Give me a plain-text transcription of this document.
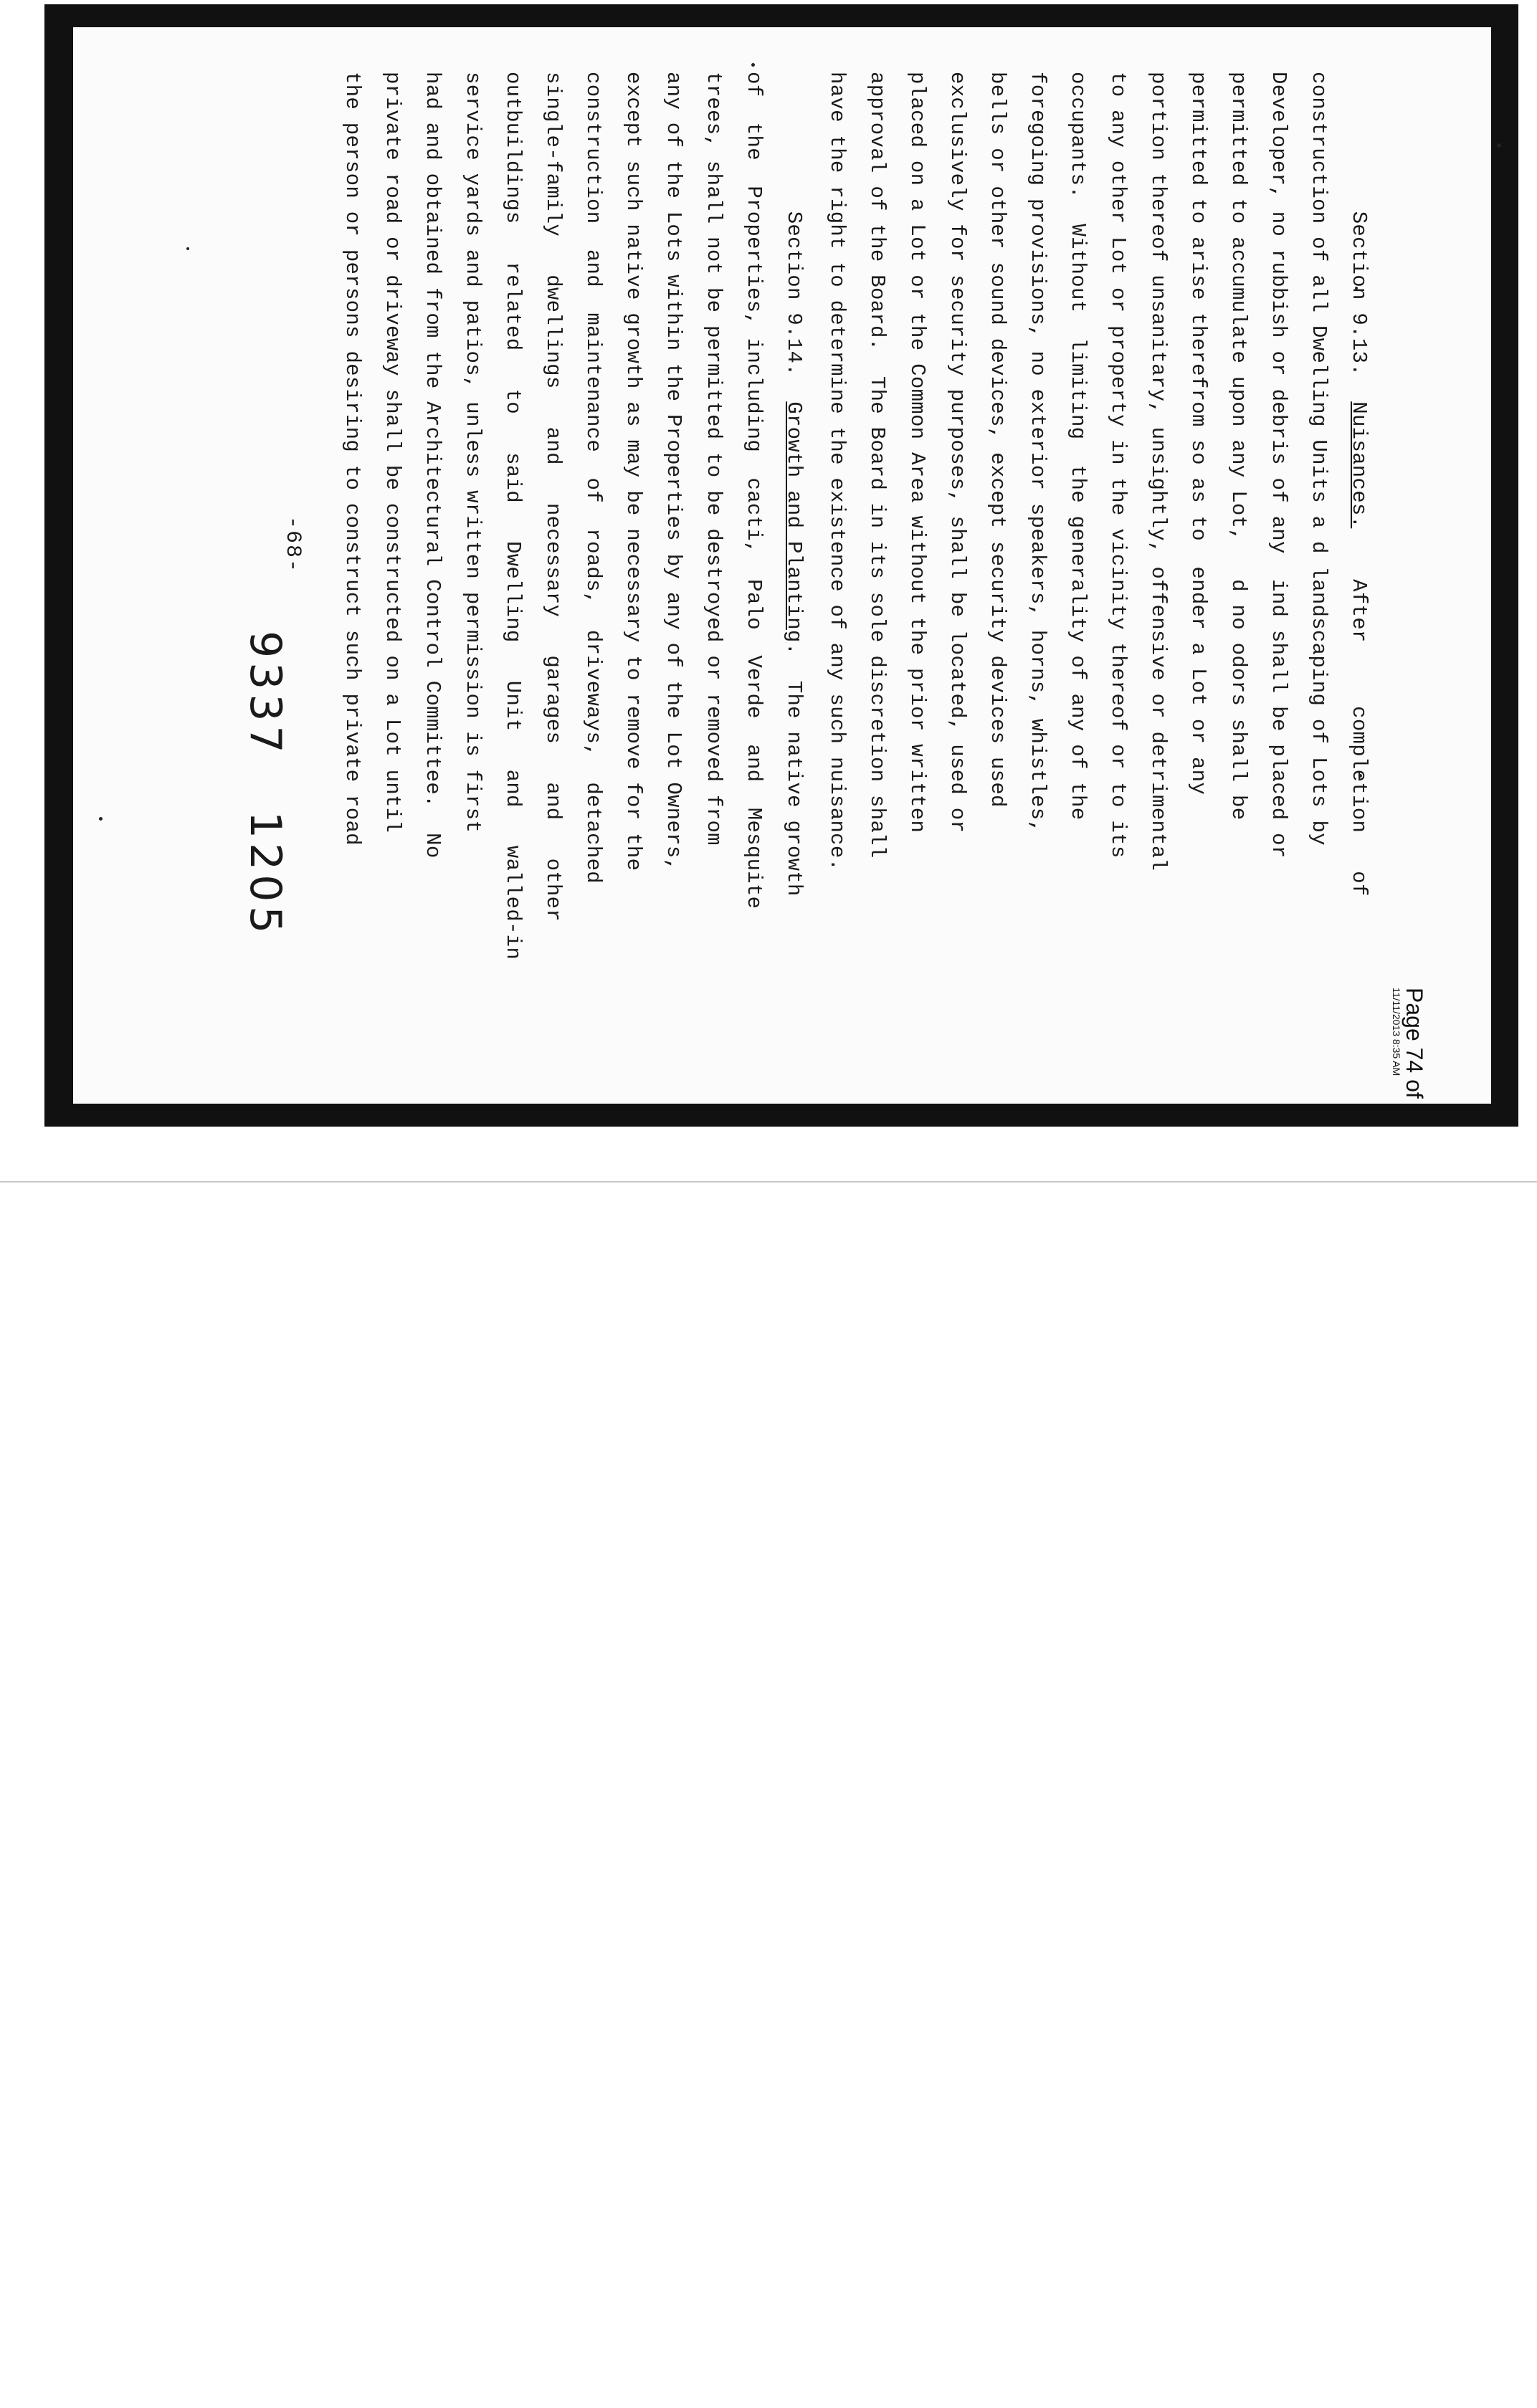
Section 9.13.  Nuisances.    After     completion   of
construction of all Dwelling Units a d landscaping of Lots by
Developer, no rubbish or debris of any  ind shall be placed or
permitted to accumulate upon any Lot,   d no odors shall be
permitted to arise therefrom so as to  ender a Lot or any
portion thereof unsanitary, unsightly, offensive or detrimental
to any other Lot or property in the vicinity thereof or to its
occupants.  Without  limiting  the generality of any of the
foregoing provisions, no exterior speakers, horns, whistles,
bells or other sound devices, except security devices used
exclusively for security purposes, shall be located, used or
placed on a Lot or the Common Area without the prior written
approval of the Board.  The Board in its sole discretion shall
have the right to determine the existence of any such nuisance.
Section 9.14.  Growth and Planting.  The native growth
of  the  Properties, including  cacti,  Palo  Verde  and  Mesquite
trees, shall not be permitted to be destroyed or removed from
any of the Lots within the Properties by any of the Lot Owners,
except such native growth as may be necessary to remove for the
construction  and  maintenance  of  roads,  driveways,  detached
single-family   dwellings   and   necessary   garages   and   other
outbuildings   related   to   said   Dwelling   Unit   and   walled-in
service yards and patios, unless written permission is first
had and obtained from the Architectural Control Committee.  No
private road or driveway shall be constructed on a Lot until
the person or persons desiring to construct such private road
-68-
9337   1205
Page 74 of
11/11/2013 8:35 AM
